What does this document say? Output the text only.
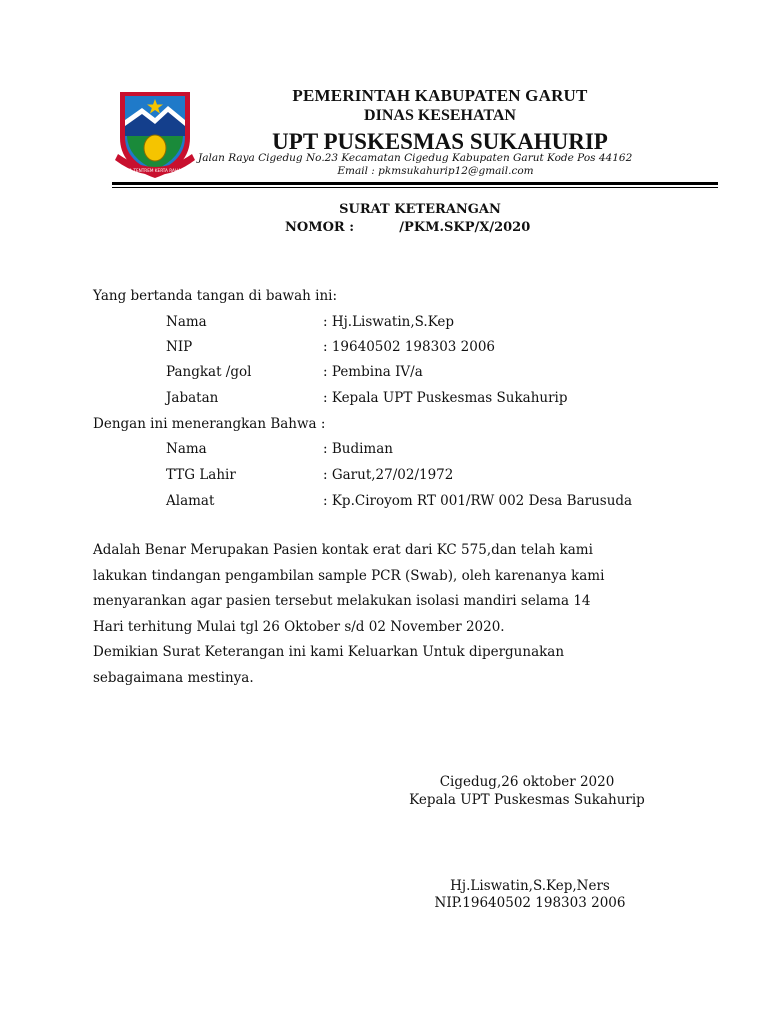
TATA TENTREM KERTA RAHARJA
PEMERINTAH KABUPATEN GARUT
DINAS KESEHATAN
UPT PUSKESMAS SUKAHURIP
Jalan Raya Cigedug No.23 Kecamatan Cigedug Kabupaten Garut Kode Pos 44162
Email : pkmsukahurip12@gmail.com
SURAT KETERANGAN
NOMOR :          /PKM.SKP/X/2020
Yang bertanda tangan di bawah ini:
Nama	: Hj.Liswatin,S.Kep
NIP	: 19640502 198303 2006
Pangkat /gol	: Pembina IV/a
Jabatan	: Kepala UPT Puskesmas Sukahurip
Dengan ini menerangkan Bahwa :
Nama	: Budiman
TTG Lahir	: Garut,27/02/1972
Alamat	: Kp.Ciroyom RT 001/RW 002 Desa Barusuda
Adalah Benar Merupakan Pasien kontak erat dari KC 575,dan telah kami
lakukan tindangan pengambilan sample PCR (Swab), oleh karenanya kami
menyarankan agar pasien tersebut melakukan isolasi mandiri selama 14
Hari terhitung Mulai tgl 26 Oktober s/d 02 November 2020.
Demikian Surat Keterangan ini kami Keluarkan Untuk dipergunakan
sebagaimana mestinya.
Cigedug,26 oktober 2020
Kepala UPT Puskesmas Sukahurip
Hj.Liswatin,S.Kep,Ners
NIP.19640502 198303 2006
